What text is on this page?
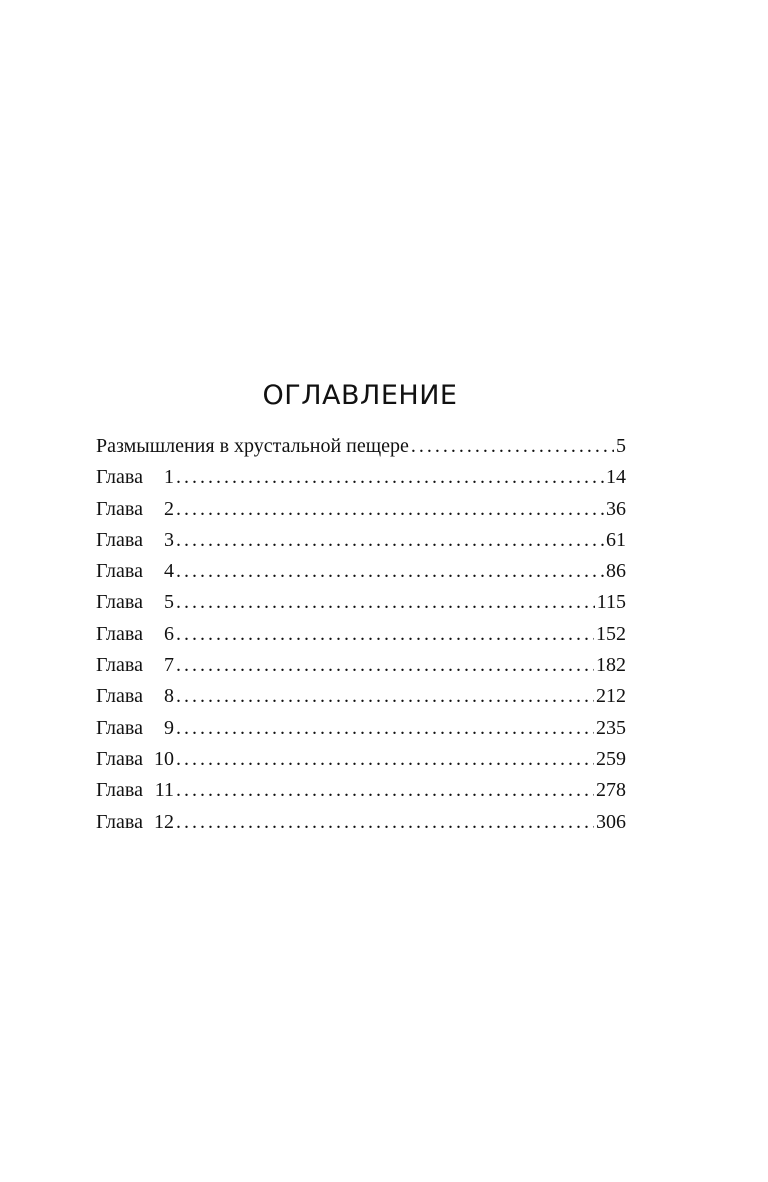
ОГЛАВЛЕНИЕ
Размышления в хрустальной пещере . . .	5
Глава 1 . . .	14
Глава 2 . . .	36
Глава 3 . . .	61
Глава 4 . . .	86
Глава 5 . . .	115
Глава 6 . . .	152
Глава 7 . . .	182
Глава 8 . . .	212
Глава 9 . . .	235
Глава 10 . . .	259
Глава 11 . . .	278
Глава 12 . . .	306
